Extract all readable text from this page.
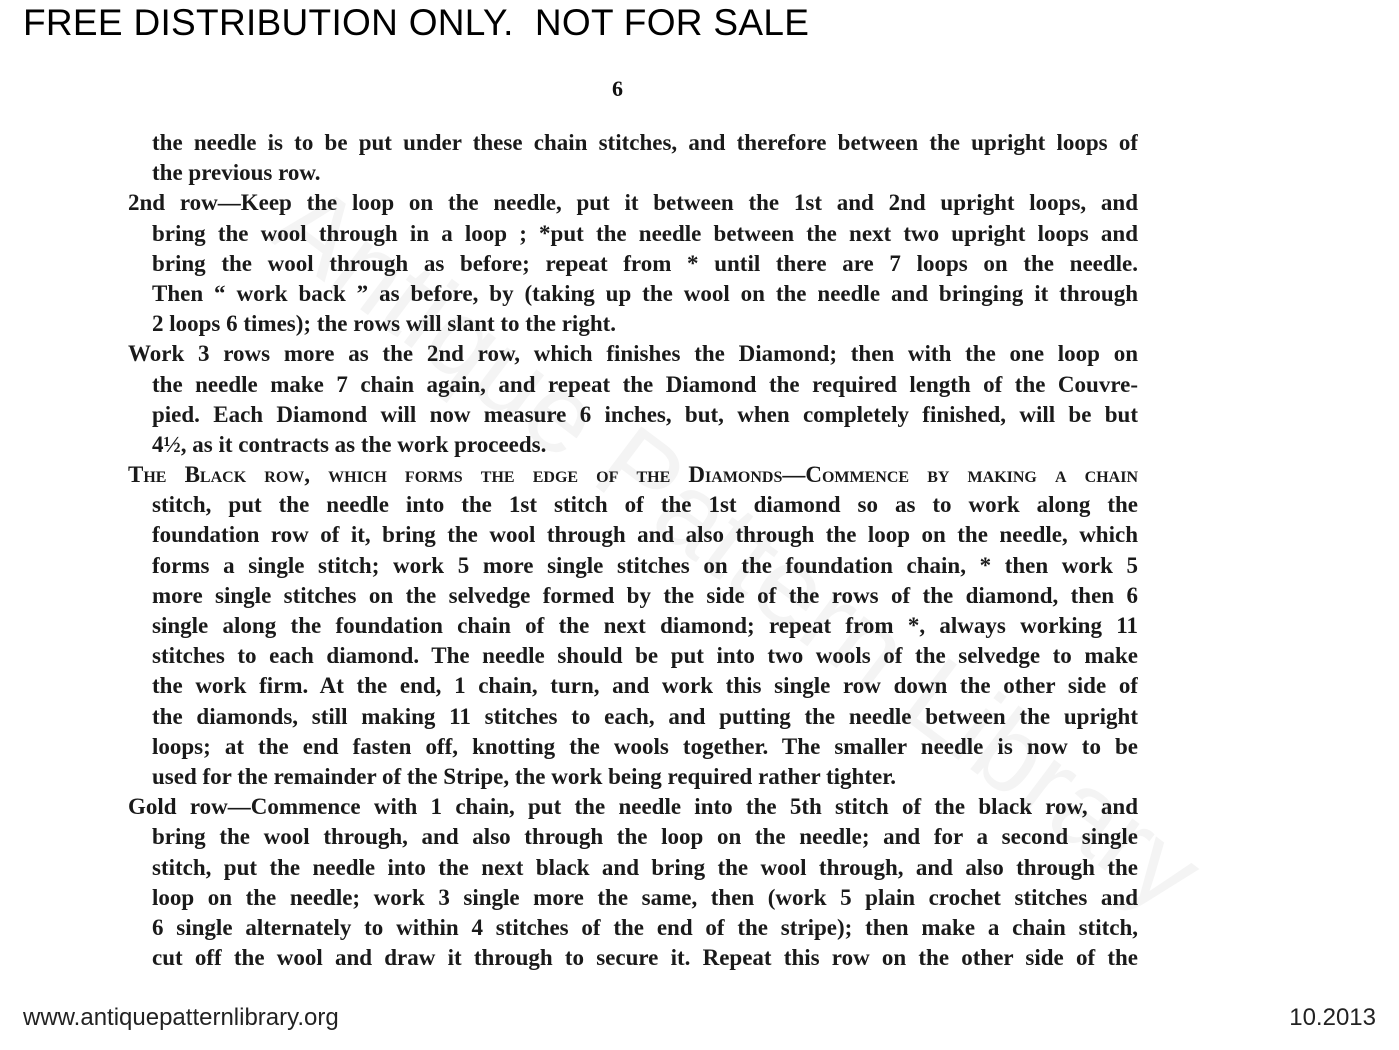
FREE DISTRIBUTION ONLY.  NOT FOR SALE
6
the needle is to be put under these chain stitches, and therefore between the upright loops of
the previous row.
2nd row—Keep the loop on the needle, put it between the 1st and 2nd upright loops, and
bring the wool through in a loop ; *put the needle between the next two upright loops and
bring the wool through as before; repeat from * until there are 7 loops on the needle.
Then “ work back ” as before, by (taking up the wool on the needle and bringing it through
2 loops 6 times); the rows will slant to the right.
Work 3 rows more as the 2nd row, which finishes the Diamond; then with the one loop on
the needle make 7 chain again, and repeat the Diamond the required length of the Couvre-
pied. Each Diamond will now measure 6 inches, but, when completely finished, will be but
4½, as it contracts as the work proceeds.
The Black row, which forms the edge of the Diamonds—Commence by making a chain
stitch, put the needle into the 1st stitch of the 1st diamond so as to work along the
foundation row of it, bring the wool through and also through the loop on the needle, which
forms a single stitch; work 5 more single stitches on the foundation chain, * then work 5
more single stitches on the selvedge formed by the side of the rows of the diamond, then 6
single along the foundation chain of the next diamond; repeat from *, always working 11
stitches to each diamond. The needle should be put into two wools of the selvedge to make
the work firm. At the end, 1 chain, turn, and work this single row down the other side of
the diamonds, still making 11 stitches to each, and putting the needle between the upright
loops; at the end fasten off, knotting the wools together. The smaller needle is now to be
used for the remainder of the Stripe, the work being required rather tighter.
Gold row—Commence with 1 chain, put the needle into the 5th stitch of the black row, and
bring the wool through, and also through the loop on the needle; and for a second single
stitch, put the needle into the next black and bring the wool through, and also through the
loop on the needle; work 3 single more the same, then (work 5 plain crochet stitches and
6 single alternately to within 4 stitches of the end of the stripe); then make a chain stitch,
cut off the wool and draw it through to secure it. Repeat this row on the other side of the
www.antiquepatternlibrary.org	10.2013
